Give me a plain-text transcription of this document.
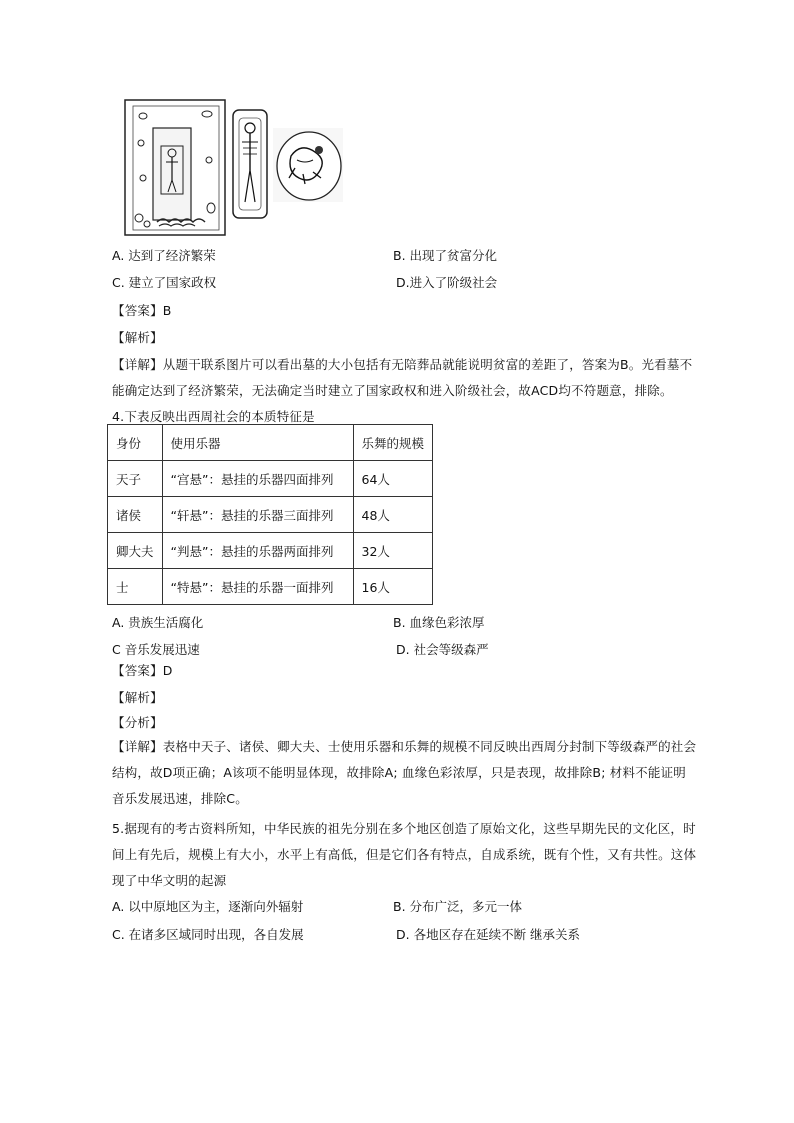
A. 达到了经济繁荣	B. 出现了贫富分化
C. 建立了国家政权	D.进入了阶级社会
【答案】B
【解析】
【详解】从题干联系图片可以看出墓的大小包括有无陪葬品就能说明贫富的差距了，答案为B。光看墓不
能确定达到了经济繁荣，无法确定当时建立了国家政权和进入阶级社会，故ACD均不符题意，排除。
4.下表反映出西周社会的本质特征是
身份	使用乐器	乐舞的规模
天子	“宫悬”：悬挂的乐器四面排列	64人
诸侯	“轩悬”：悬挂的乐器三面排列	48人
卿大夫	“判悬”：悬挂的乐器两面排列	32人
士	“特悬”：悬挂的乐器一面排列	16人
A. 贵族生活腐化	B. 血缘色彩浓厚
C 音乐发展迅速	D. 社会等级森严
【答案】D
【解析】
【分析】
【详解】表格中天子、诸侯、卿大夫、士使用乐器和乐舞的规模不同反映出西周分封制下等级森严的社会
结构，故D项正确；A该项不能明显体现，故排除A; 血缘色彩浓厚，只是表现，故排除B; 材料不能证明
音乐发展迅速，排除C。
5.据现有的考古资料所知，中华民族的祖先分别在多个地区创造了原始文化，这些早期先民的文化区，时
间上有先后，规模上有大小，水平上有高低，但是它们各有特点，自成系统，既有个性，又有共性。这体
现了中华文明的起源
A. 以中原地区为主，逐渐向外辐射	B. 分布广泛，多元一体
C. 在诸多区域同时出现，各自发展	D. 各地区存在延续不断 继承关系
